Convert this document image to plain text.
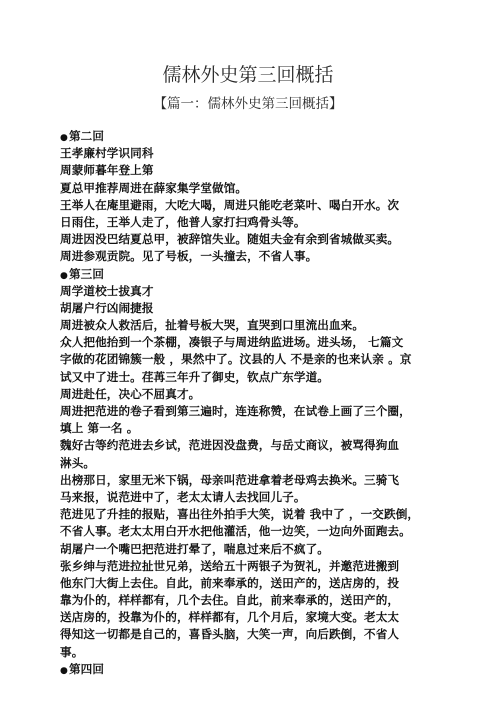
儒林外史第三回概括
【篇一：儒林外史第三回概括】
●第二回
王孝廉村学识同科
周蒙师暮年登上第
夏总甲推荐周进在薛家集学堂做馆。
王举人在庵里避雨，大吃大喝，周进只能吃老菜叶、喝白开水。次
日雨住，王举人走了，他普人家打扫鸡骨头等。
周进因没巴结夏总甲，被辞馆失业。随姐夫金有余到省城做买卖。
周进参观贡院。见了号板，一头撞去，不省人事。
●第三回
周学道校士拔真才
胡屠户行凶闹捷报
周进被众人救活后，扯着号板大哭，直哭到口里流出血来。
众人把他抬到一个茶棚，凑银子与周进纳监进场。进头场， 七篇文
字做的花团锦簇一般 ，果然中了。汶县的人 不是亲的也来认亲 。京
试又中了进士。荏苒三年升了御史，钦点广东学道。
周进赴任，决心不屈真才。
周进把范进的卷子看到第三遍时，连连称赞，在试卷上画了三个圈，
填上 第一名 。
魏好古等约范进去乡试，范进因没盘费，与岳丈商议，被骂得狗血
淋头。
出榜那日，家里无米下锅，母亲叫范进拿着老母鸡去换米。三骑飞
马来报，说范进中了，老太太请人去找回儿子。
范进见了升挂的报贴，喜出往外拍手大笑，说着 我中了 ，一交跌倒，
不省人事。老太太用白开水把他灌活，他一边笑，一边向外面跑去。
胡屠户一个嘴巴把范进打晕了，喘息过来后不疯了。
张乡绅与范进拉扯世兄弟，送给五十两银子为贺礼，并邀范进搬到
他东门大街上去住。自此，前来奉承的，送田产的，送店房的，投
靠为仆的，样样都有，几个去住。自此，前来奉承的，送田产的，
送店房的，投靠为仆的，样样都有，几个月后，家境大变。老太太
得知这一切都是自己的，喜昏头脑，大笑一声，向后跌倒，不省人
事。
●第四回
